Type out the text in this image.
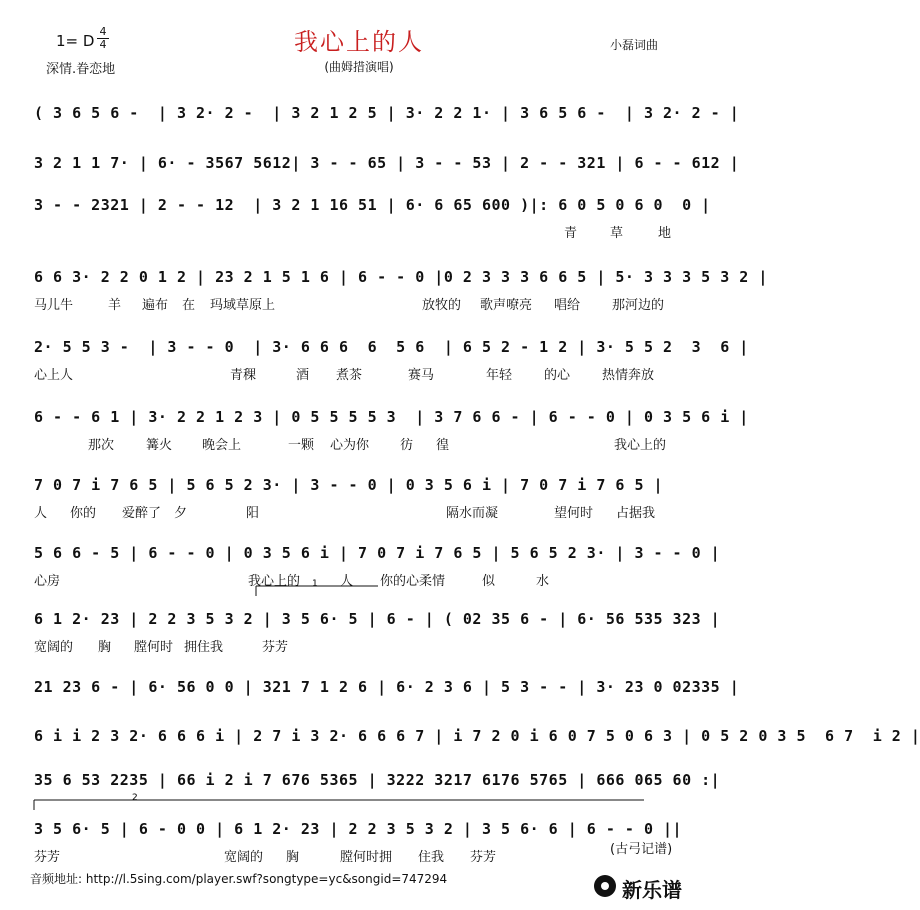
我心上的人
1= D
4
4
深情.眷恋地	(曲姆措演唱)
小磊词曲
( 3 6 5 6 -  | 3 2· 2 -  | 3 2 1 2 5 | 3· 2 2 1· | 3 6 5 6 -  | 3 2· 2 - |
3 2 1 1 7· | 6· - 3567 5612| 3 - - 65 | 3 - - 53 | 2 - - 321 | 6 - - 612 |
3 - - 2321 | 2 - - 12  | 3 2 1 16 51 | 6· 6 65 600 )|: 6 0 5 0 6 0  0 |
6 6 3· 2 2 0 1 2 | 23 2 1 5 1 6 | 6 - - 0 |0 2 3 3 3 6 6 5 | 5· 3 3 3 5 3 2 |
2· 5 5 3 -  | 3 - - 0  | 3· 6 6 6  6  5 6  | 6 5 2 - 1 2 | 3· 5 5 2  3  6 |
6 - - 6 1 | 3· 2 2 1 2 3 | 0 5 5 5 5 3  | 3 7 6 6 - | 6 - - 0 | 0 3 5 6 i |
7 0 7 i 7 6 5 | 5 6 5 2 3· | 3 - - 0 | 0 3 5 6 i | 7 0 7 i 7 6 5 |
5 6 6 - 5 | 6 - - 0 | 0 3 5 6 i | 7 0 7 i 7 6 5 | 5 6 5 2 3· | 3 - - 0 |
6 1 2· 23 | 2 2 3 5 3 2 | 3 5 6· 5 | 6 - | ( 02 35 6 - | 6· 56 535 323 |
21 23 6 - | 6· 56 0 0 | 321 7 1 2 6 | 6· 2 3 6 | 5 3 - - | 3· 23 0 02335 |
6 i i 2 3 2· 6 6 6 i | 2 7 i 3 2· 6 6 6 7 | i 7 2 0 i 6 0 7 5 0 6 3 | 0 5 2 0 3 5  6 7  i 2 |
35 6 53 2235 | 66 i 2 i 7 676 5365 | 3222 3217 6176 5765 | 666 065 60 :|
3 5 6· 5 | 6 - 0 0 | 6 1 2· 23 | 2 2 3 5 3 2 | 3 5 6· 6 | 6 - - 0 ||
青	草	地
马儿牛	羊 遍布 在 玛域草原上	放牧的 歌声嘹亮 唱给 那河边的
心上人	青稞	酒 煮茶	赛马	年轻 的心 热情奔放
那次 篝火 晚会上	一颗 心为你 彷 徨	我心上的
人 你的 爱醉了 夕	阳	隔水而凝	望何时 占据我
心房	我心上的	人 你的心柔情	似	水
宽阔的 胸 膛何时 拥住我	芬芳
芬芳	宽阔的 胸	膛何时拥 住我 芬芳
1
2
(古弓记谱)
音频地址: http://l.5sing.com/player.swf?songtype=yc&songid=747294	新乐谱
